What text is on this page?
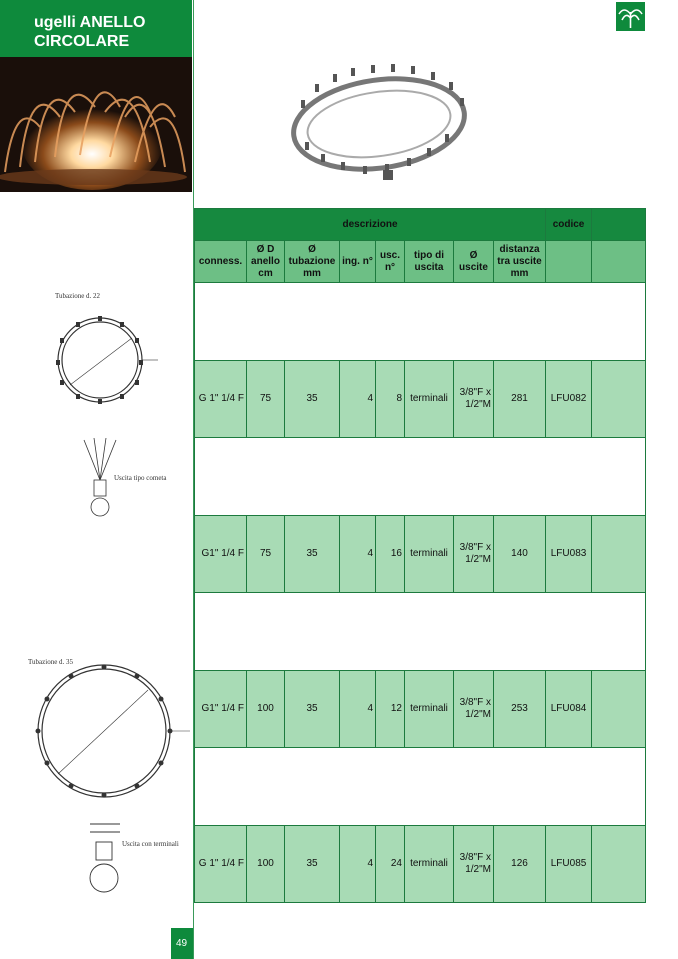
ugelli ANELLO
CIRCOLARE
descrizione								codice	
conness.	Ø D anello cm	Ø tubazione mm	ing. n°	usc. n°	tipo di uscita	Ø uscite	distanza tra uscite mm		

G 1" 1/4 F	75	35	4	8	terminali	3/8"F x 1/2"M	281	LFU082	

G1" 1/4 F	75	35	4	16	terminali	3/8"F x 1/2"M	140	LFU083	

G1" 1/4 F	100	35	4	12	terminali	3/8"F x 1/2"M	253	LFU084	

G 1" 1/4 F	100	35	4	24	terminali	3/8"F x 1/2"M	126	LFU085	
Tubazione d. 22
Uscita tipo cometa
Tubazione d. 35
Uscita con terminali
49
